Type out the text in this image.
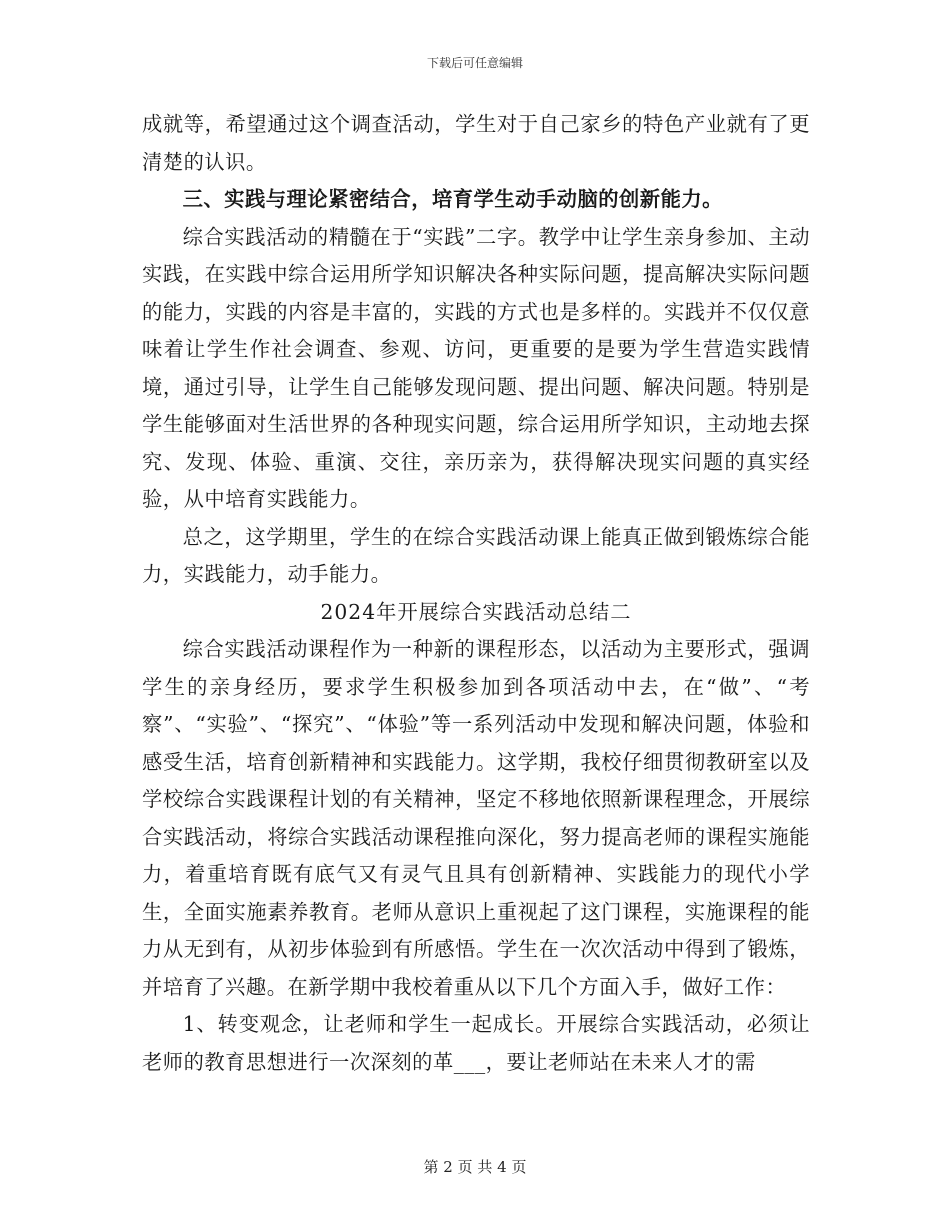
下载后可任意编辑

成就等，希望通过这个调查活动，学生对于自己家乡的特色产业就有了更清楚的认识。

三、实践与理论紧密结合，培育学生动手动脑的创新能力。

综合实践活动的精髓在于“实践”二字。教学中让学生亲身参加、主动实践，在实践中综合运用所学知识解决各种实际问题，提高解决实际问题的能力，实践的内容是丰富的，实践的方式也是多样的。实践并不仅仅意味着让学生作社会调查、参观、访问，更重要的是要为学生营造实践情境，通过引导，让学生自己能够发现问题、提出问题、解决问题。特别是学生能够面对生活世界的各种现实问题，综合运用所学知识，主动地去探究、发现、体验、重演、交往，亲历亲为，获得解决现实问题的真实经验，从中培育实践能力。

总之，这学期里，学生的在综合实践活动课上能真正做到锻炼综合能力，实践能力，动手能力。

2024年开展综合实践活动总结二

综合实践活动课程作为一种新的课程形态，以活动为主要形式，强调学生的亲身经历，要求学生积极参加到各项活动中去，在“做”、“考察”、“实验”、“探究”、“体验”等一系列活动中发现和解决问题，体验和感受生活，培育创新精神和实践能力。这学期，我校仔细贯彻教研室以及学校综合实践课程计划的有关精神，坚定不移地依照新课程理念，开展综合实践活动，将综合实践活动课程推向深化，努力提高老师的课程实施能力，着重培育既有底气又有灵气且具有创新精神、实践能力的现代小学生，全面实施素养教育。老师从意识上重视起了这门课程，实施课程的能力从无到有，从初步体验到有所感悟。学生在一次次活动中得到了锻炼，并培育了兴趣。在新学期中我校着重从以下几个方面入手，做好工作：

1、转变观念，让老师和学生一起成长。开展综合实践活动，必须让老师的教育思想进行一次深刻的革___，要让老师站在未来人才的需

第 2 页 共 4 页
